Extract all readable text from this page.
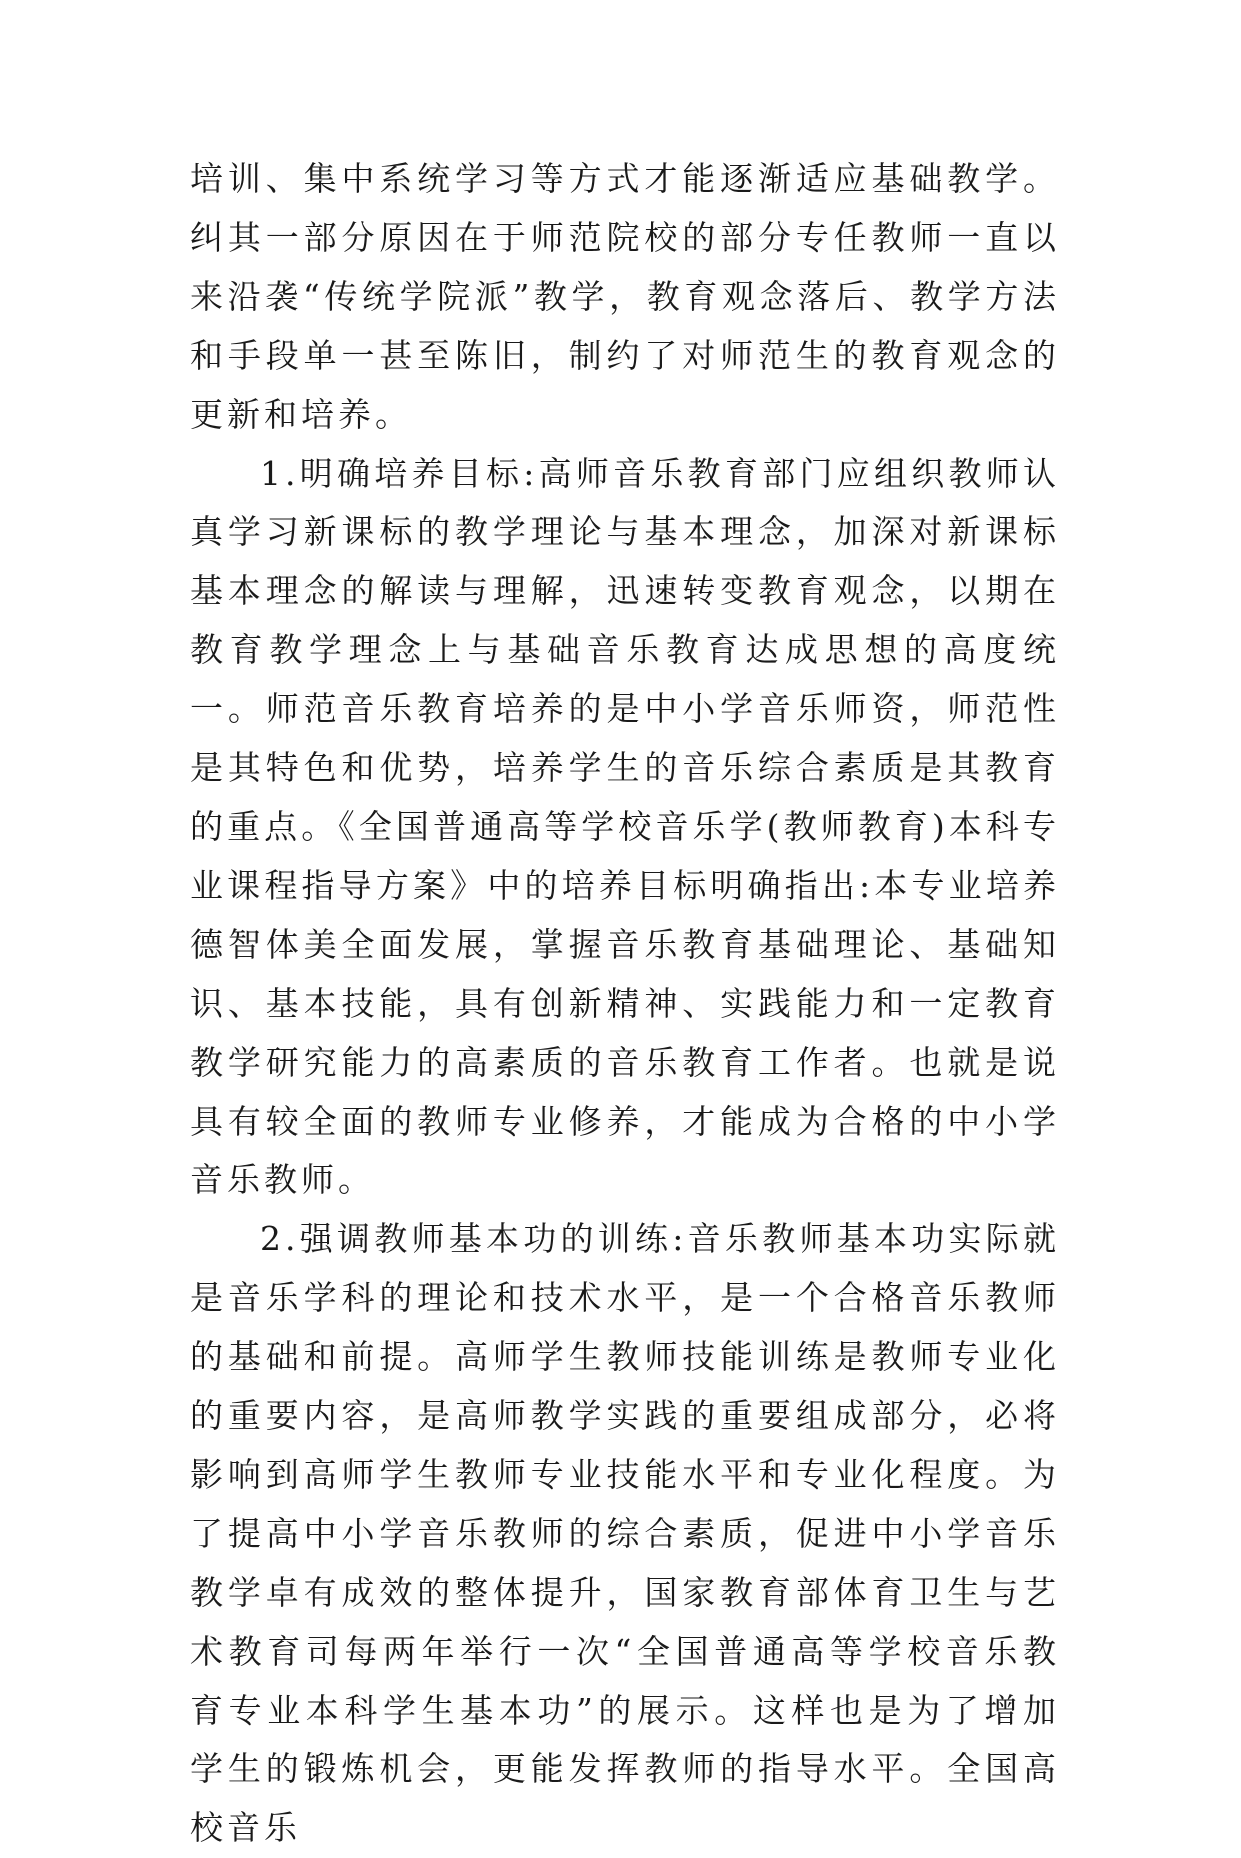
培训、集中系统学习等方式才能逐渐适应基础教学。纠其一部分原因在于师范院校的部分专任教师一直以来沿袭“传统学院派”教学，教育观念落后、教学方法和手段单一甚至陈旧，制约了对师范生的教育观念的更新和培养。

1.明确培养目标:高师音乐教育部门应组织教师认真学习新课标的教学理论与基本理念，加深对新课标基本理念的解读与理解，迅速转变教育观念，以期在教育教学理念上与基础音乐教育达成思想的高度统一。师范音乐教育培养的是中小学音乐师资，师范性是其特色和优势，培养学生的音乐综合素质是其教育的重点。《全国普通高等学校音乐学(教师教育)本科专业课程指导方案》中的培养目标明确指出:本专业培养德智体美全面发展，掌握音乐教育基础理论、基础知识、基本技能，具有创新精神、实践能力和一定教育教学研究能力的高素质的音乐教育工作者。也就是说具有较全面的教师专业修养，才能成为合格的中小学音乐教师。

2.强调教师基本功的训练:音乐教师基本功实际就是音乐学科的理论和技术水平，是一个合格音乐教师的基础和前提。高师学生教师技能训练是教师专业化的重要内容，是高师教学实践的重要组成部分，必将影响到高师学生教师专业技能水平和专业化程度。为了提高中小学音乐教师的综合素质，促进中小学音乐教学卓有成效的整体提升，国家教育部体育卫生与艺术教育司每两年举行一次“全国普通高等学校音乐教育专业本科学生基本功”的展示。这样也是为了增加学生的锻炼机会，更能发挥教师的指导水平。全国高校音乐
